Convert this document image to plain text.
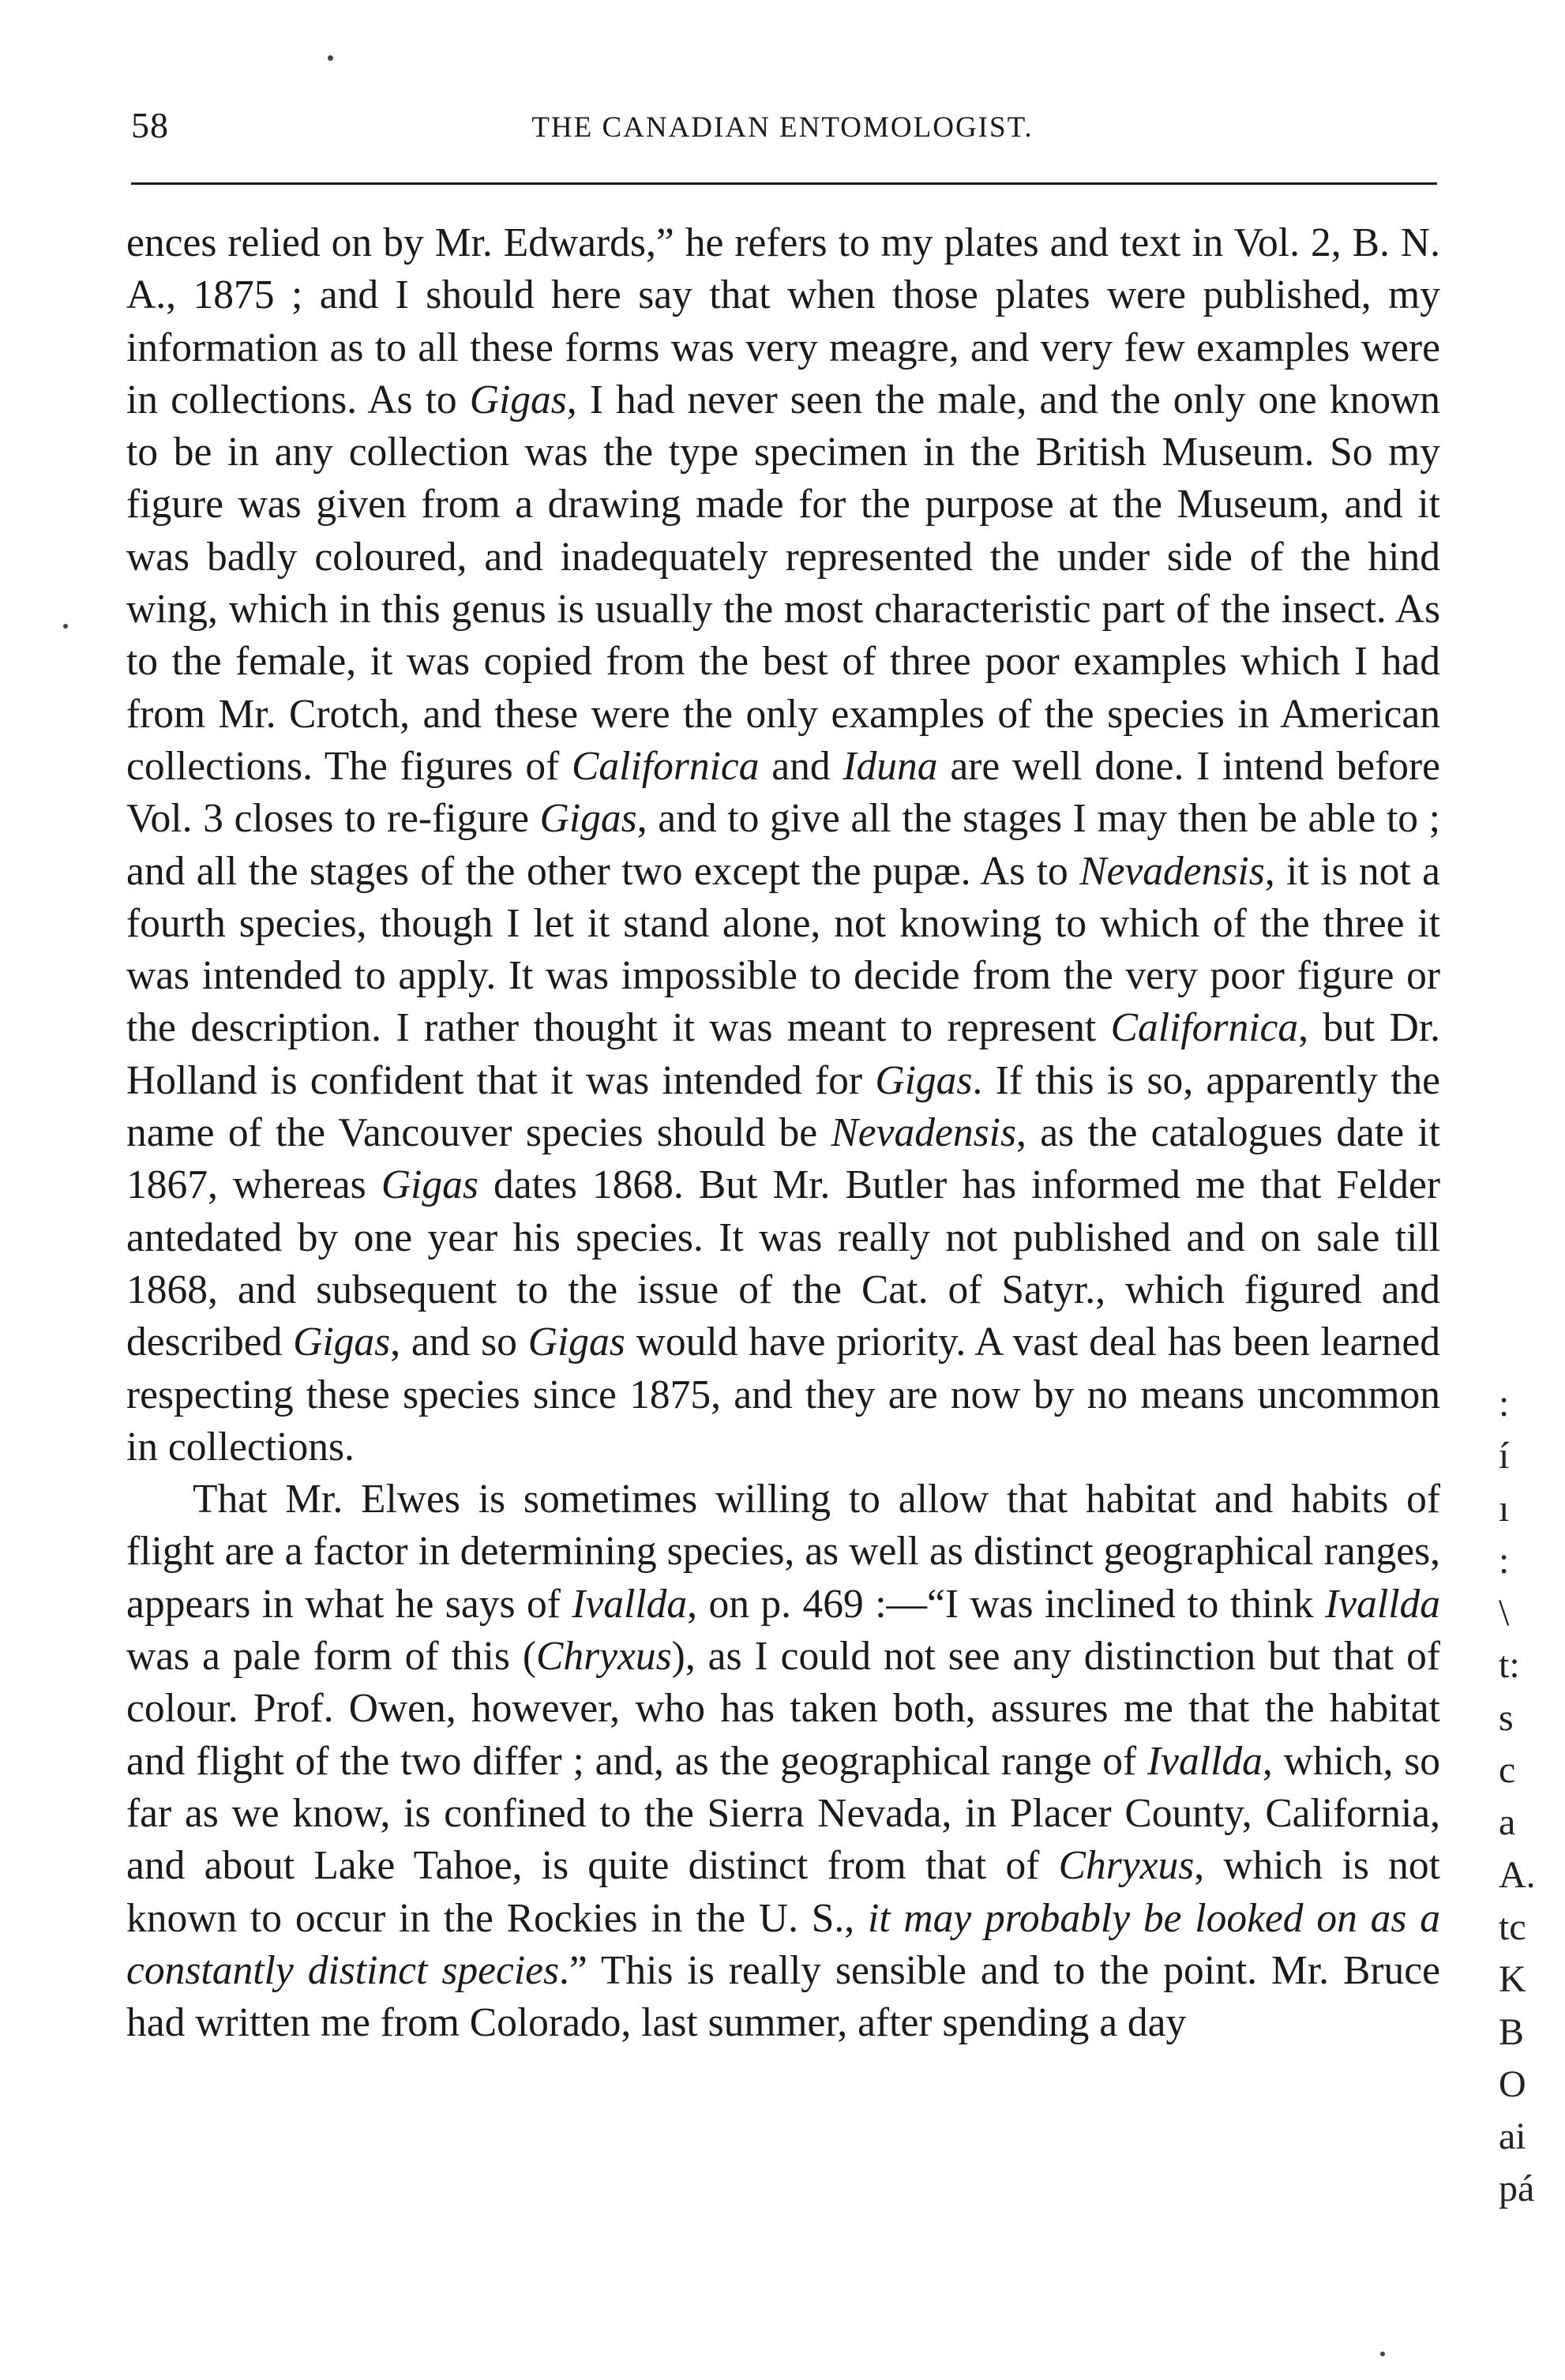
58	THE CANADIAN ENTOMOLOGIST.

ences relied on by Mr. Edwards,” he refers to my plates and text in Vol. 2, B. N. A., 1875 ; and I should here say that when those plates were published, my information as to all these forms was very meagre, and very few examples were in collections. As to Gigas, I had never seen the male, and the only one known to be in any collection was the type specimen in the British Museum. So my figure was given from a drawing made for the purpose at the Museum, and it was badly coloured, and inadequately represented the under side of the hind wing, which in this genus is usually the most characteristic part of the insect. As to the female, it was copied from the best of three poor examples which I had from Mr. Crotch, and these were the only examples of the species in American collections. The figures of Californica and Iduna are well done. I intend before Vol. 3 closes to re-figure Gigas, and to give all the stages I may then be able to ; and all the stages of the other two except the pupæ. As to Nevadensis, it is not a fourth species, though I let it stand alone, not knowing to which of the three it was intended to apply. It was impossible to decide from the very poor figure or the description. I rather thought it was meant to represent Californica, but Dr. Holland is confident that it was intended for Gigas. If this is so, apparently the name of the Vancouver species should be Nevadensis, as the catalogues date it 1867, whereas Gigas dates 1868. But Mr. Butler has informed me that Felder antedated by one year his species. It was really not published and on sale till 1868, and subsequent to the issue of the Cat. of Satyr., which figured and described Gigas, and so Gigas would have priority. A vast deal has been learned respecting these species since 1875, and they are now by no means uncommon in collections.

That Mr. Elwes is sometimes willing to allow that habitat and habits of flight are a factor in determining species, as well as distinct geographical ranges, appears in what he says of Ivallda, on p. 469 :—“I was inclined to think Ivallda was a pale form of this (Chryxus), as I could not see any distinction but that of colour. Prof. Owen, however, who has taken both, assures me that the habitat and flight of the two differ ; and, as the geographical range of Ivallda, which, so far as we know, is confined to the Sierra Nevada, in Placer County, California, and about Lake Tahoe, is quite distinct from that of Chryxus, which is not known to occur in the Rockies in the U. S., it may probably be looked on as a constantly distinct species.” This is really sensible and to the point. Mr. Bruce had written me from Colorado, last summer, after spending a day

:
í
ı
:
\
t:
s
c
a
A.
tc
K
B
O
ai
pá
